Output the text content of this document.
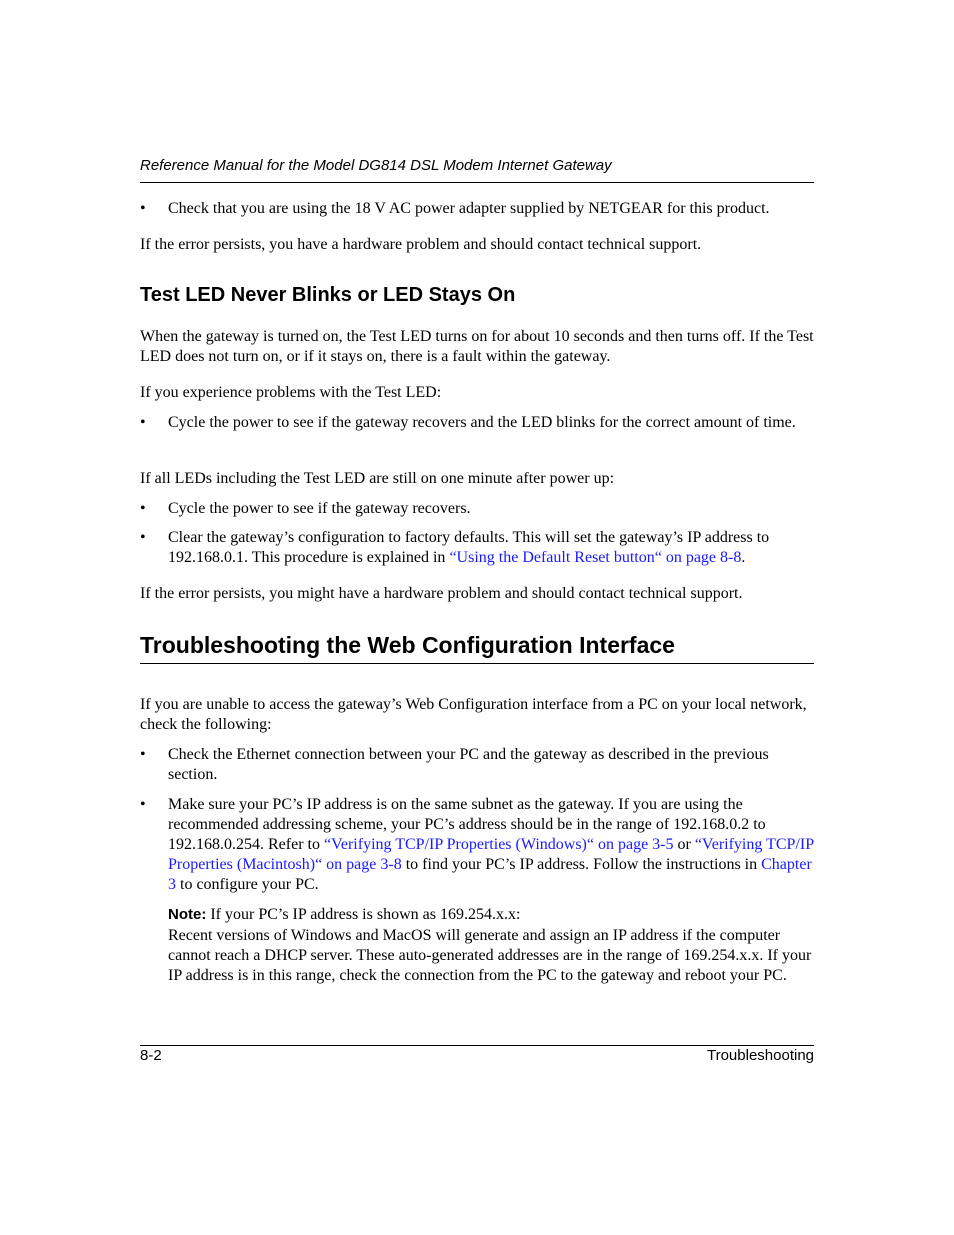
Reference Manual for the Model DG814 DSL Modem Internet Gateway
• Check that you are using the 18 V AC power adapter supplied by NETGEAR for this product.
If the error persists, you have a hardware problem and should contact technical support.
Test LED Never Blinks or LED Stays On
When the gateway is turned on, the Test LED turns on for about 10 seconds and then turns off. If the Test LED does not turn on, or if it stays on, there is a fault within the gateway.
If you experience problems with the Test LED:
• Cycle the power to see if the gateway recovers and the LED blinks for the correct amount of time.
If all LEDs including the Test LED are still on one minute after power up:
• Cycle the power to see if the gateway recovers.
• Clear the gateway’s configuration to factory defaults. This will set the gateway’s IP address to 192.168.0.1. This procedure is explained in “Using the Default Reset button“ on page 8-8.
If the error persists, you might have a hardware problem and should contact technical support.
Troubleshooting the Web Configuration Interface
If you are unable to access the gateway’s Web Configuration interface from a PC on your local network, check the following:
• Check the Ethernet connection between your PC and the gateway as described in the previous section.
• Make sure your PC’s IP address is on the same subnet as the gateway. If you are using the recommended addressing scheme, your PC’s address should be in the range of 192.168.0.2 to 192.168.0.254. Refer to “Verifying TCP/IP Properties (Windows)“ on page 3-5 or “Verifying TCP/IP Properties (Macintosh)“ on page 3-8 to find your PC’s IP address. Follow the instructions in Chapter 3 to configure your PC.
Note: If your PC’s IP address is shown as 169.254.x.x:
Recent versions of Windows and MacOS will generate and assign an IP address if the computer cannot reach a DHCP server. These auto-generated addresses are in the range of 169.254.x.x. If your IP address is in this range, check the connection from the PC to the gateway and reboot your PC.
8-2	Troubleshooting
